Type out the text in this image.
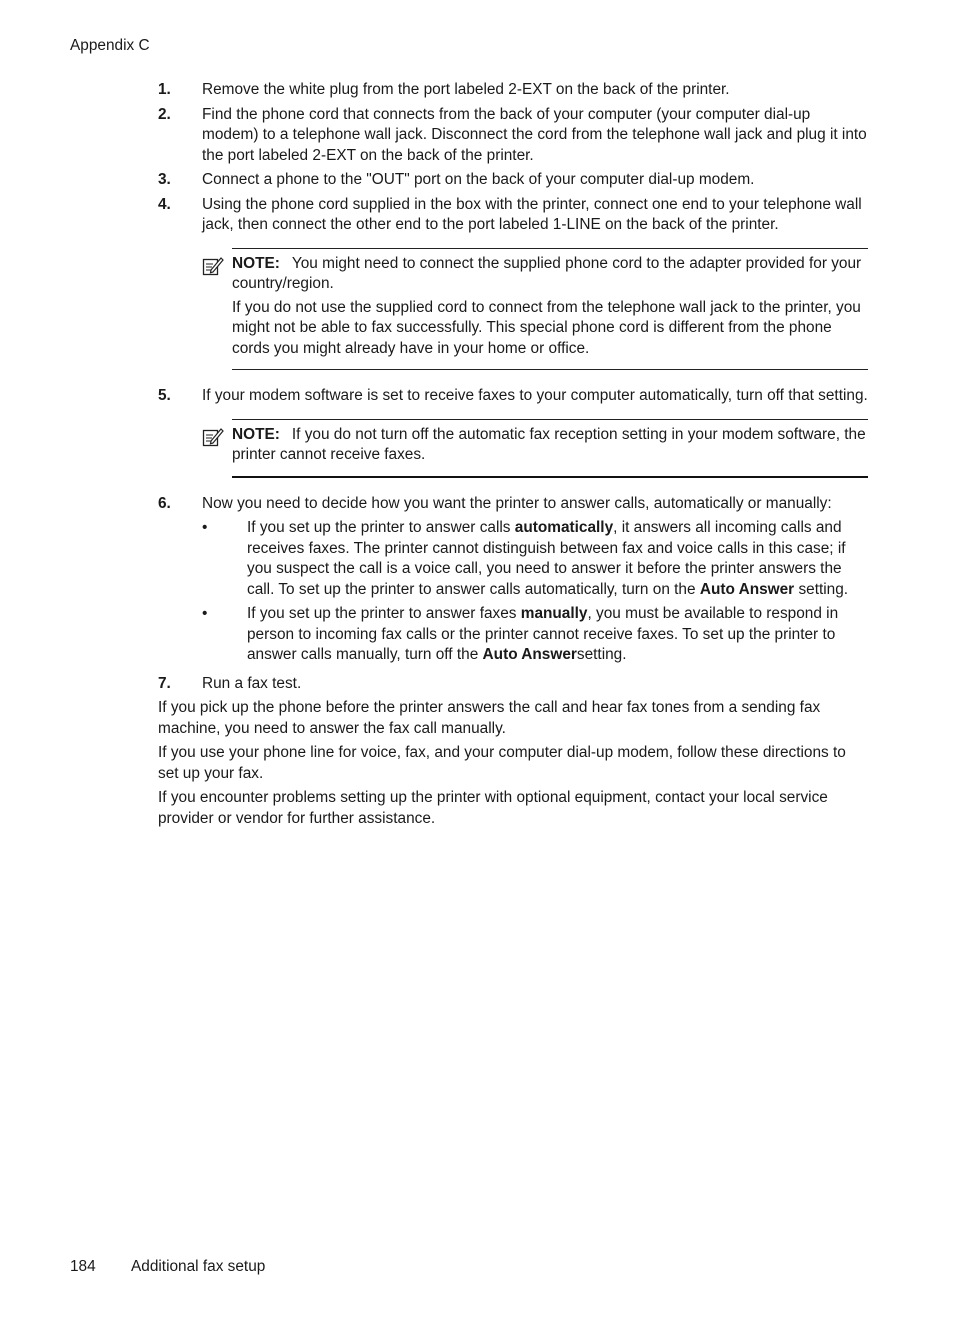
Appendix C
1.	Remove the white plug from the port labeled 2-EXT on the back of the printer.
2.	Find the phone cord that connects from the back of your computer (your computer dial-up modem) to a telephone wall jack. Disconnect the cord from the telephone wall jack and plug it into the port labeled 2-EXT on the back of the printer.
3.	Connect a phone to the "OUT" port on the back of your computer dial-up modem.
4.	Using the phone cord supplied in the box with the printer, connect one end to your telephone wall jack, then connect the other end to the port labeled 1-LINE on the back of the printer.

NOTE: You might need to connect the supplied phone cord to the adapter provided for your country/region.

If you do not use the supplied cord to connect from the telephone wall jack to the printer, you might not be able to fax successfully. This special phone cord is different from the phone cords you might already have in your home or office.

5.	If your modem software is set to receive faxes to your computer automatically, turn off that setting.

NOTE: If you do not turn off the automatic fax reception setting in your modem software, the printer cannot receive faxes.

6.	Now you need to decide how you want the printer to answer calls, automatically or manually:
•	If you set up the printer to answer calls automatically, it answers all incoming calls and receives faxes. The printer cannot distinguish between fax and voice calls in this case; if you suspect the call is a voice call, you need to answer it before the printer answers the call. To set up the printer to answer calls automatically, turn on the Auto Answer setting.
•	If you set up the printer to answer faxes manually, you must be available to respond in person to incoming fax calls or the printer cannot receive faxes. To set up the printer to answer calls manually, turn off the Auto Answersetting.
7.	Run a fax test.

If you pick up the phone before the printer answers the call and hear fax tones from a sending fax machine, you need to answer the fax call manually.

If you use your phone line for voice, fax, and your computer dial-up modem, follow these directions to set up your fax.

If you encounter problems setting up the printer with optional equipment, contact your local service provider or vendor for further assistance.

184	Additional fax setup
